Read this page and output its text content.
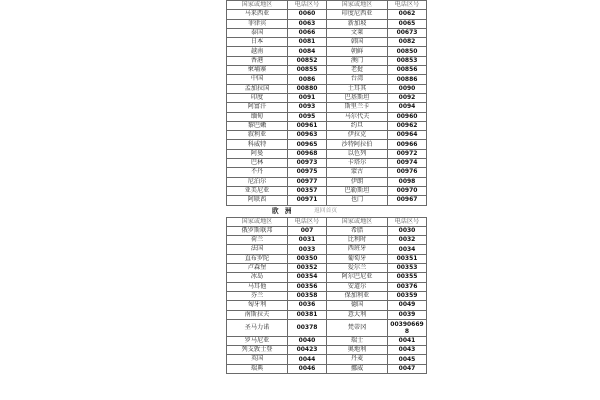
国家或地区	电话区号	国家或地区	电话区号
马来西亚	0060	印度尼西亚	0062
菲律宾	0063	新加坡	0065
泰国	0066	文莱	00673
日本	0081	韩国	0082
越南	0084	朝鲜	00850
香港	00852	澳门	00853
柬埔寨	00855	老挝	00856
中国	0086	台湾	00886
孟加拉国	00880	土耳其	0090
印度	0091	巴基斯坦	0092
阿富汗	0093	斯里兰卡	0094
缅甸	0095	马尔代夫	00960
黎巴嫩	00961	约旦	00962
叙利亚	00963	伊拉克	00964
科威特	00965	沙特阿拉伯	00966
阿曼	00968	以色列	00972
巴林	00973	卡塔尔	00974
不丹	00975	蒙古	00976
尼泊尔	00977	伊朗	0098
亚美尼亚	00357	巴勒斯坦	00970
阿联酋	00971	也门	00967
欧 洲	返回首页
国家或地区	电话区号	国家或地区	电话区号
俄罗斯联邦	007	希腊	0030
荷兰	0031	比利时	0032
法国	0033	西班牙	0034
直布罗陀	00350	葡萄牙	00351
卢森堡	00352	爱尔兰	00353
冰岛	00354	阿尔巴尼亚	00355
马耳他	00356	安道尔	00376
芬兰	00358	保加利亚	00359
匈牙利	0036	德国	0049
南斯拉夫	00381	意大利	0039
圣马力诺	00378	梵蒂冈	003906698

罗马尼亚	0040	瑞士	0041
列支敦士登	00423	奥地利	0043
英国	0044	丹麦	0045
瑞典	0046	挪威	0047
